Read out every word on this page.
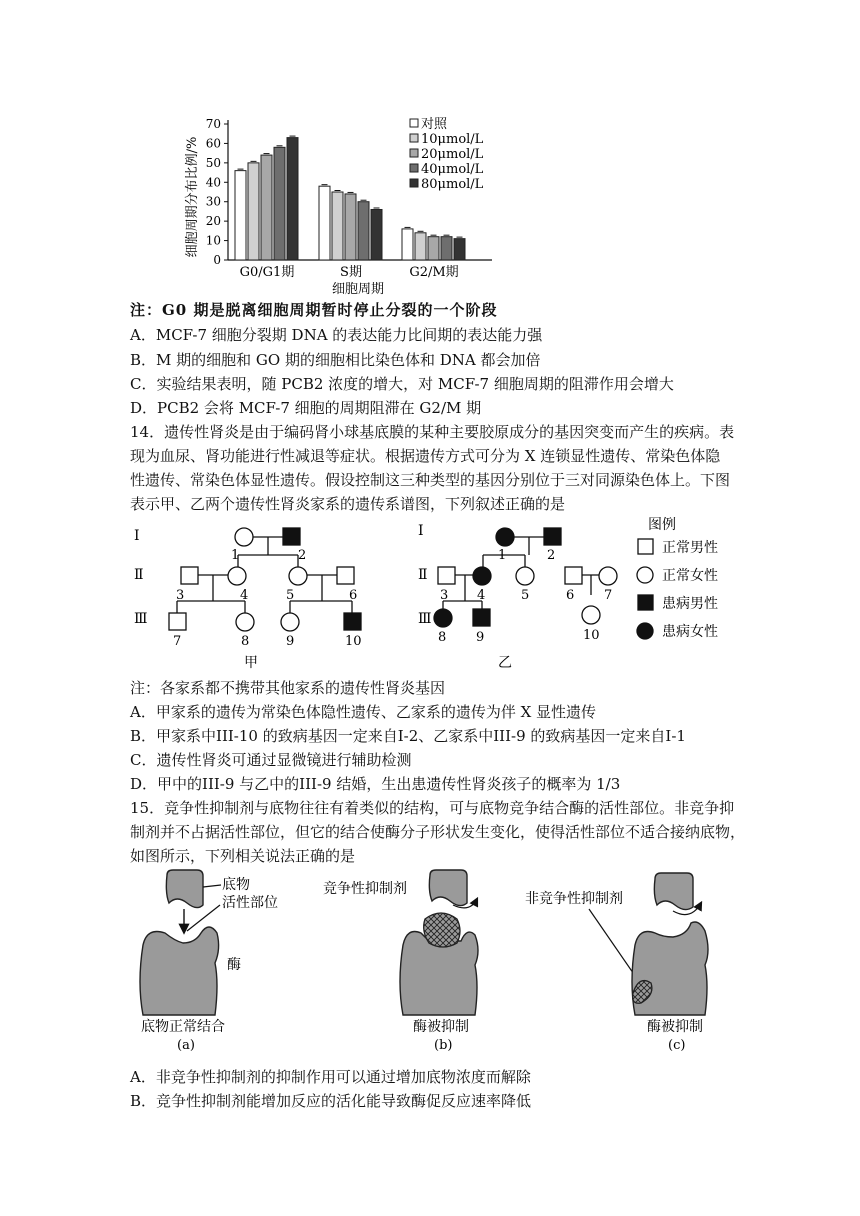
细胞周期分布比例/%
0
10
20
30
40
50
60
70
G0/G1期	S期	G2/M期
细胞周期
对照
10μmol/L
20μmol/L
40μmol/L
80μmol/L
注：G0 期是脱离细胞周期暂时停止分裂的一个阶段
A．MCF-7 细胞分裂期 DNA 的表达能力比间期的表达能力强
B．M 期的细胞和 GO 期的细胞相比染色体和 DNA 都会加倍
C．实验结果表明，随 PCB2 浓度的增大，对 MCF-7 细胞周期的阻滞作用会增大
D．PCB2 会将 MCF-7 细胞的周期阻滞在 G2/M 期
14．遗传性肾炎是由于编码肾小球基底膜的某种主要胶原成分的基因突变而产生的疾病。表
现为血尿、肾功能进行性减退等症状。根据遗传方式可分为 X 连锁显性遗传、常染色体隐
性遗传、常染色体显性遗传。假设控制这三种类型的基因分别位于三对同源染色体上。下图
表示甲、乙两个遗传性肾炎家系的遗传系谱图，下列叙述正确的是
Ⅰ
Ⅱ
Ⅲ
Ⅰ
Ⅱ
Ⅲ
1	2
3	4	5	6
7	8	9	10
甲
1	2
3 4	5	6 7
8 9	10
乙
图例
正常男性
正常女性
患病男性
患病女性
注：各家系都不携带其他家系的遗传性肾炎基因
A．甲家系的遗传为常染色体隐性遗传、乙家系的遗传为伴 X 显性遗传
B．甲家系中III-10 的致病基因一定来自I-2、乙家系中III-9 的致病基因一定来自I-1
C．遗传性肾炎可通过显微镜进行辅助检测
D．甲中的III-9 与乙中的III-9 结婚，生出患遗传性肾炎孩子的概率为 1/3
15．竞争性抑制剂与底物往往有着类似的结构，可与底物竞争结合酶的活性部位。非竞争抑
制剂并不占据活性部位，但它的结合使酶分子形状发生变化，使得活性部位不适合接纳底物，
如图所示，下列相关说法正确的是
底物
活性部位
酶
底物正常结合
(a)
竞争性抑制剂
酶被抑制
(b)
非竞争性抑制剂
酶被抑制
(c)
A．非竞争性抑制剂的抑制作用可以通过增加底物浓度而解除
B．竞争性抑制剂能增加反应的活化能导致酶促反应速率降低
